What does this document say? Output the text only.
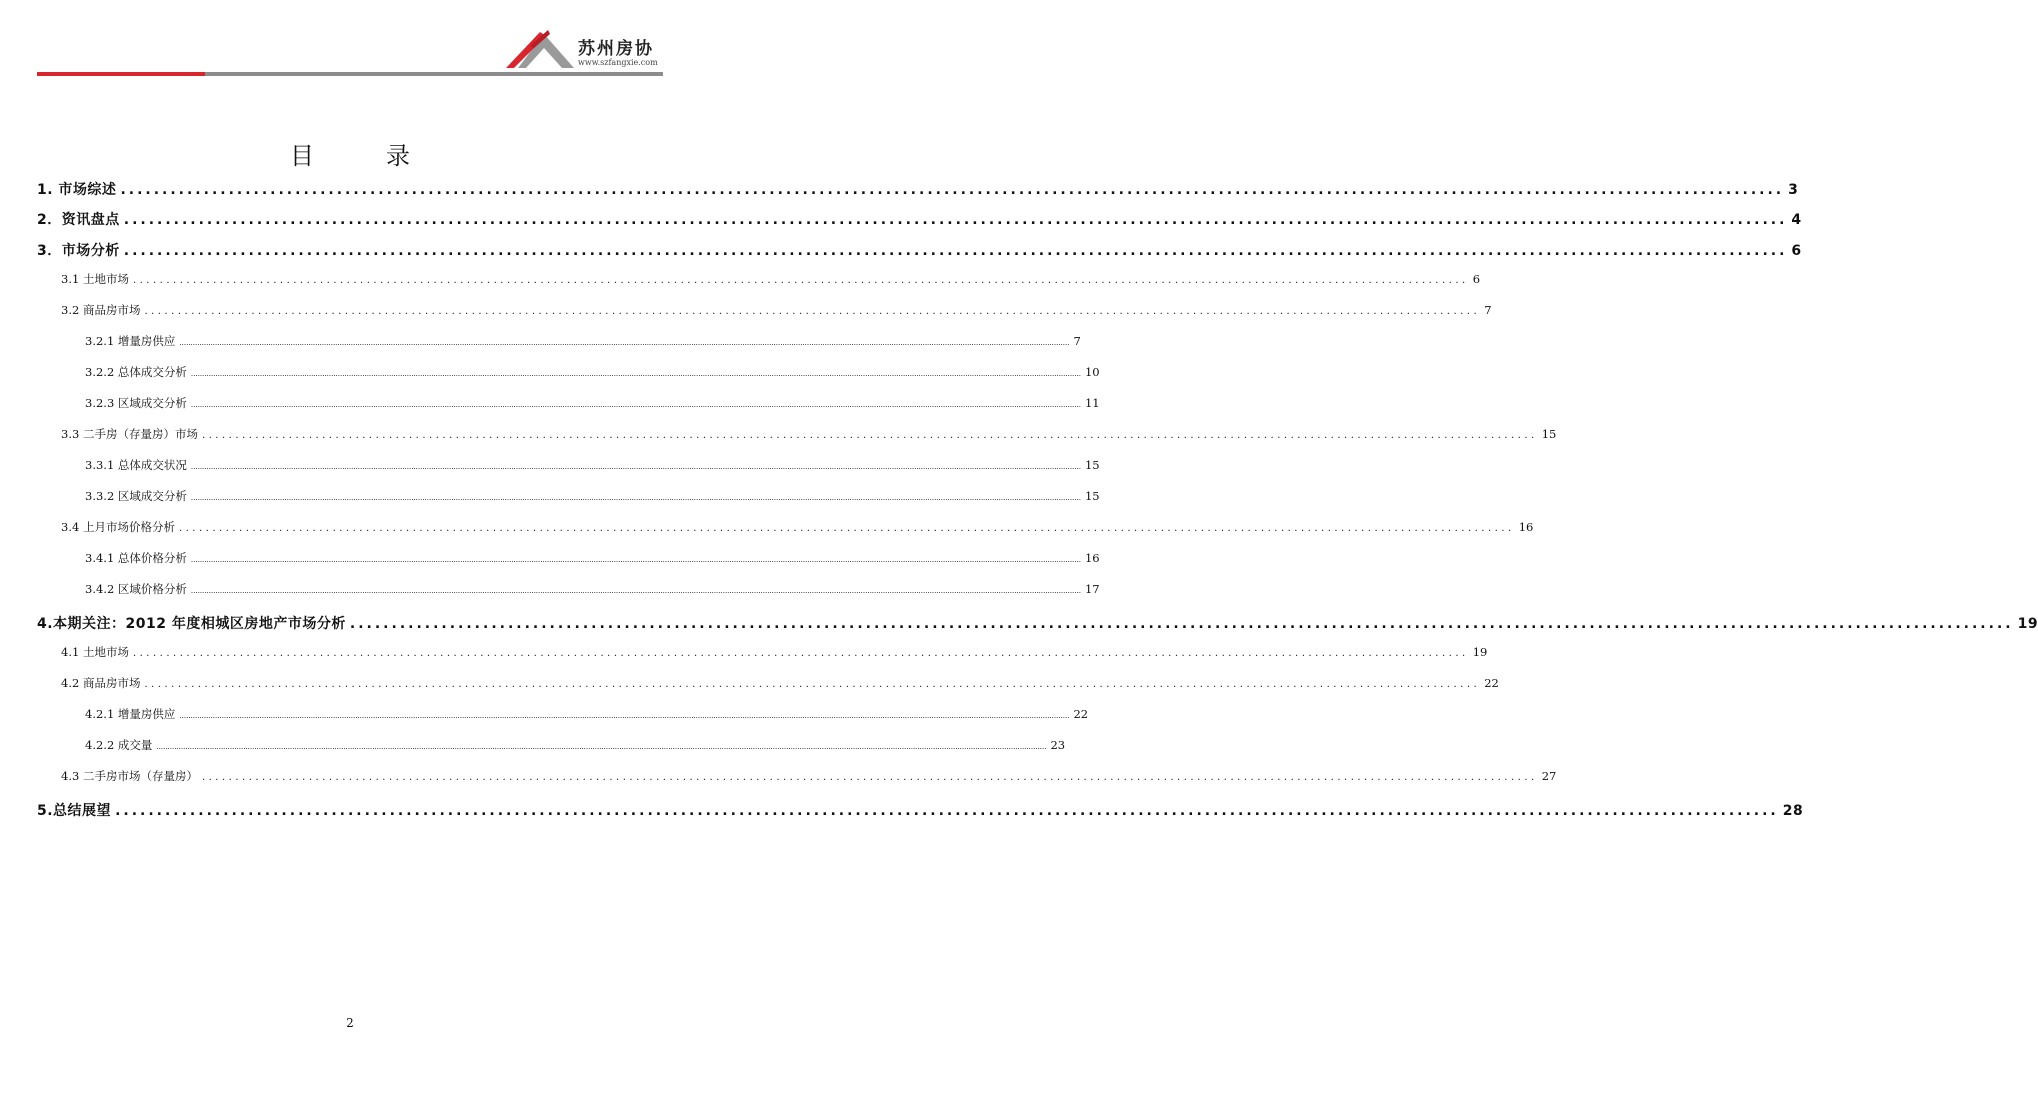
苏州房协
www.szfangxie.com
目	录
1. 市场综述 ........................................................................................................................................................................................................ 3
2．资讯盘点 ........................................................................................................................................................................................................ 4
3．市场分析 ........................................................................................................................................................................................................ 6
3.1 土地市场 ........................................................................................................................................................................................................ 6
3.2 商品房市场 ........................................................................................................................................................................................................ 7
3.2.1 增量房供应 ................................................................................................................................................................................................................................................................................................................................................................................................................ 7
3.2.2 总体成交分析 ................................................................................................................................................................................................................................................................................................................................................................................................................ 10
3.2.3 区域成交分析 ................................................................................................................................................................................................................................................................................................................................................................................................................ 11
3.3 二手房（存量房）市场 ........................................................................................................................................................................................................ 15
3.3.1 总体成交状况 ................................................................................................................................................................................................................................................................................................................................................................................................................ 15
3.3.2 区域成交分析 ................................................................................................................................................................................................................................................................................................................................................................................................................ 15
3.4 上月市场价格分析 ........................................................................................................................................................................................................ 16
3.4.1 总体价格分析 ................................................................................................................................................................................................................................................................................................................................................................................................................ 16
3.4.2 区域价格分析 ................................................................................................................................................................................................................................................................................................................................................................................................................ 17
4.本期关注：2012 年度相城区房地产市场分析 ........................................................................................................................................................................................................ 19
4.1 土地市场 ........................................................................................................................................................................................................ 19
4.2 商品房市场 ........................................................................................................................................................................................................ 22
4.2.1 增量房供应 ................................................................................................................................................................................................................................................................................................................................................................................................................ 22
4.2.2 成交量 ................................................................................................................................................................................................................................................................................................................................................................................................................ 23
4.3 二手房市场（存量房） ........................................................................................................................................................................................................ 27
5.总结展望 ........................................................................................................................................................................................................ 28
2
